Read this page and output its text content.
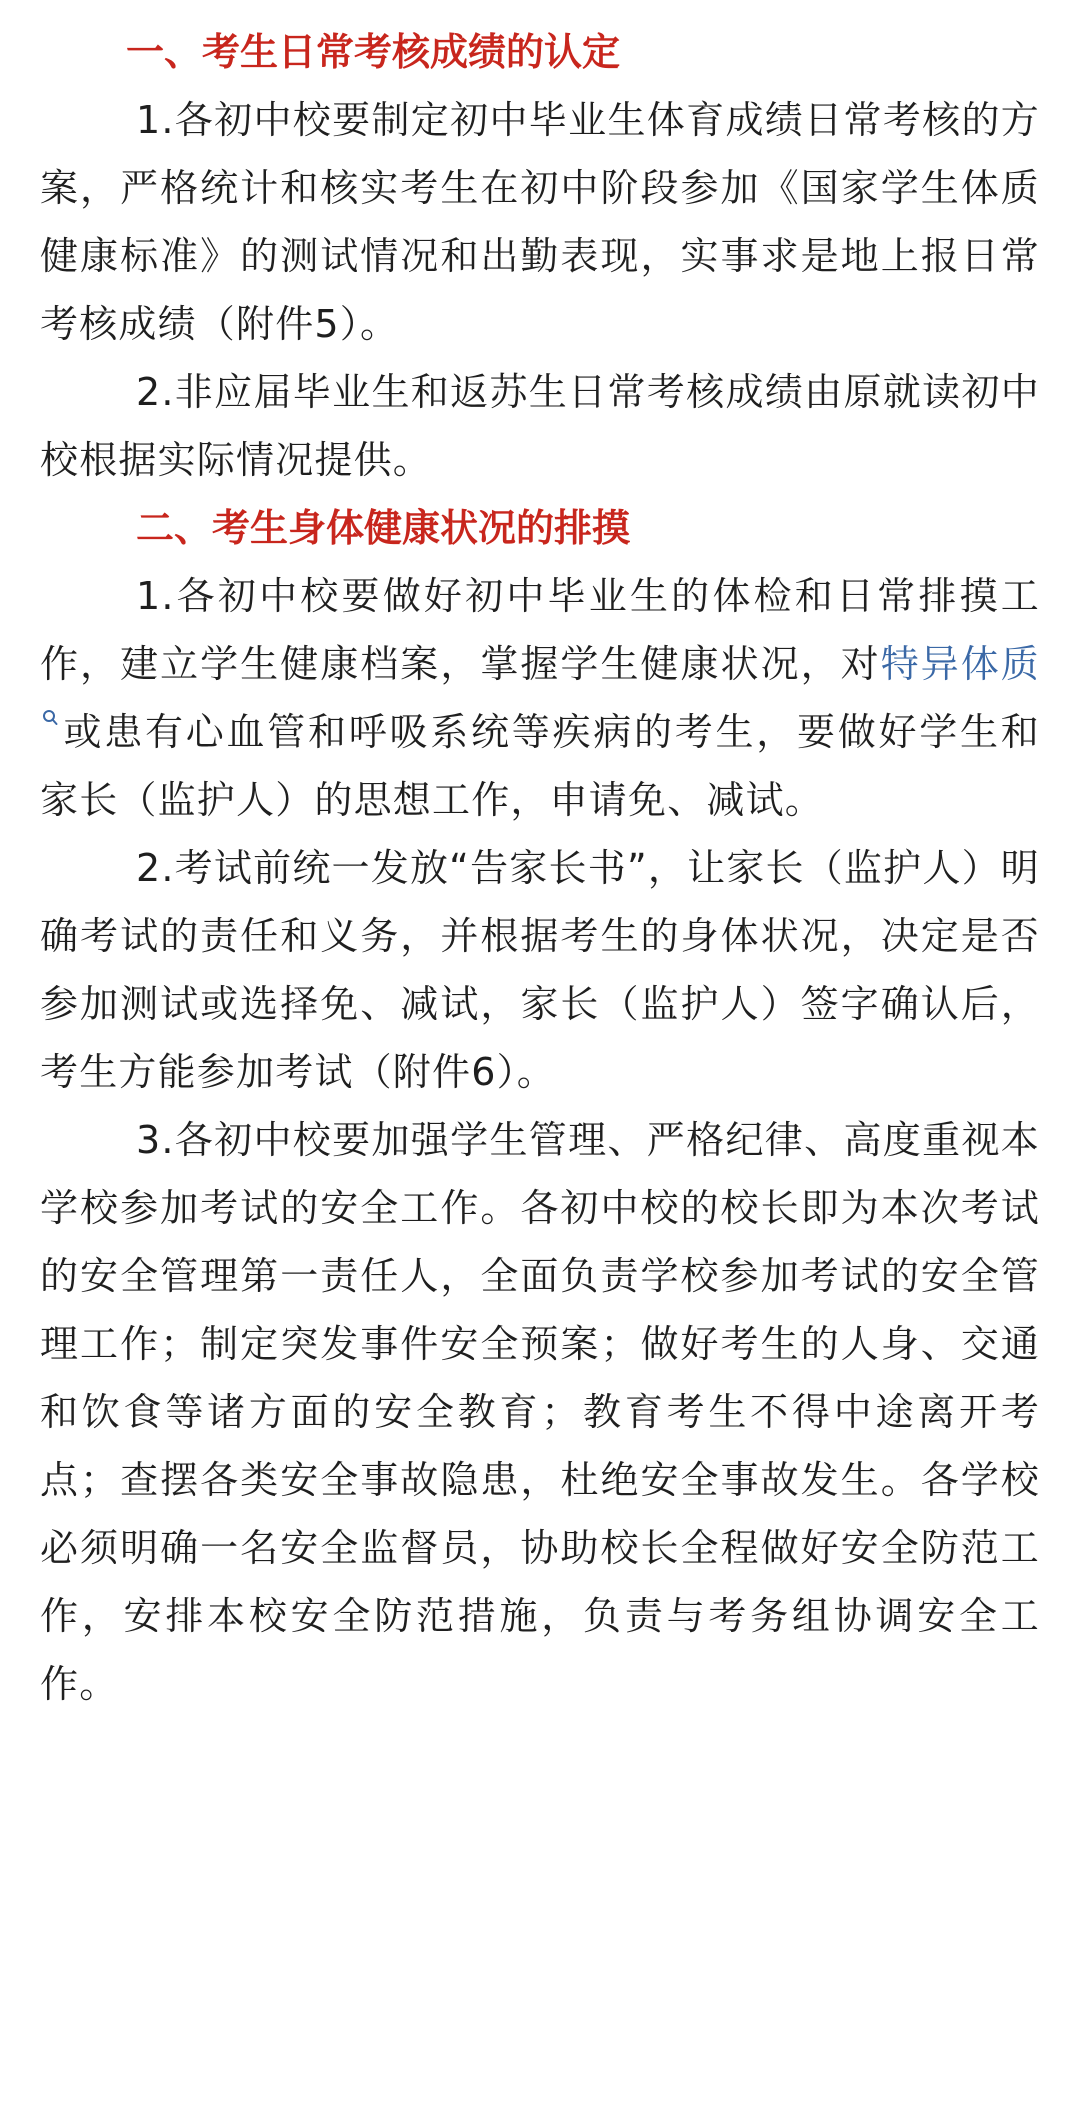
一、考生日常考核成绩的认定

1.各初中校要制定初中毕业生体育成绩日常考核的方案，严格统计和核实考生在初中阶段参加《国家学生体质健康标准》的测试情况和出勤表现，实事求是地上报日常考核成绩（附件5）。

2.非应届毕业生和返苏生日常考核成绩由原就读初中校根据实际情况提供。

二、考生身体健康状况的排摸

1.各初中校要做好初中毕业生的体检和日常排摸工作，建立学生健康档案，掌握学生健康状况，对特异体质
或患有心血管和呼吸系统等疾病的考生，要做好学生和家长（监护人）的思想工作，申请免、减试。

2.考试前统一发放“告家长书”，让家长（监护人）明确考试的责任和义务，并根据考生的身体状况，决定是否参加测试或选择免、减试，家长（监护人）签字确认后，考生方能参加考试（附件6）。

3.各初中校要加强学生管理、严格纪律、高度重视本学校参加考试的安全工作。各初中校的校长即为本次考试的安全管理第一责任人，全面负责学校参加考试的安全管理工作；制定突发事件安全预案；做好考生的人身、交通和饮食等诸方面的安全教育；教育考生不得中途离开考点；查摆各类安全事故隐患，杜绝安全事故发生。各学校必须明确一名安全监督员，协助校长全程做好安全防范工作，安排本校安全防范措施，负责与考务组协调安全工作。
